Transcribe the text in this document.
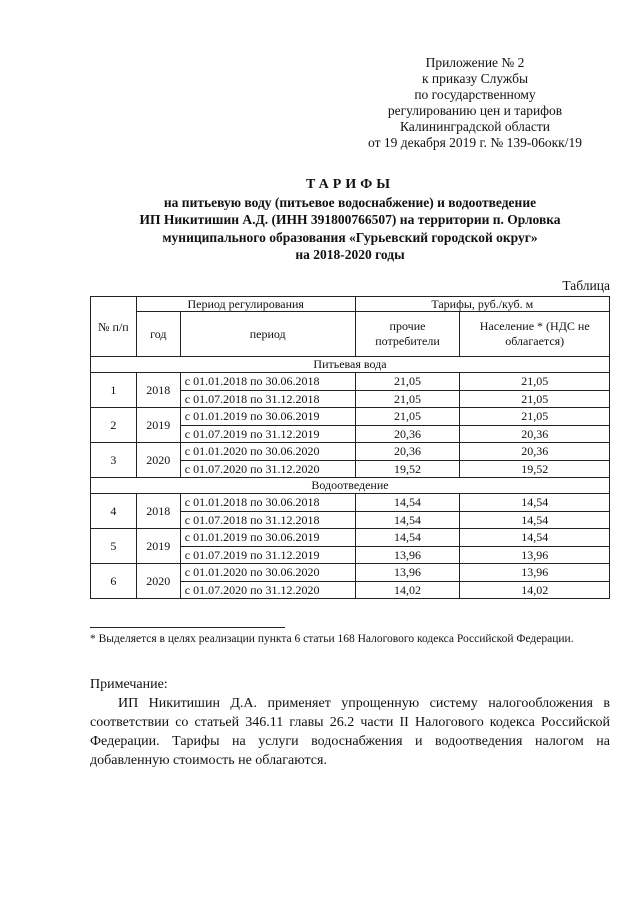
Приложение № 2
к приказу Службы
по государственному
регулированию цен и тарифов
Калининградской области
от 19 декабря 2019 г. № 139-06окк/19
ТАРИФЫ
на питьевую воду (питьевое водоснабжение) и водоотведение
ИП Никитишин А.Д. (ИНН 391800766507) на территории п. Орловка
муниципального образования «Гурьевский городской округ»
на 2018-2020 годы
Таблица
№ п/п	Период регулирования		Тарифы, руб./куб. м	
	год	период	прочие потребители	Население * (НДС не облагается)
Питьевая вода				
1	2018	с 01.01.2018 по 30.06.2018	21,05	21,05
		с 01.07.2018 по 31.12.2018	21,05	21,05
2	2019	с 01.01.2019 по 30.06.2019	21,05	21,05
		с 01.07.2019 по 31.12.2019	20,36	20,36
3	2020	с 01.01.2020 по 30.06.2020	20,36	20,36
		с 01.07.2020 по 31.12.2020	19,52	19,52
Водоотведение				
4	2018	с 01.01.2018 по 30.06.2018	14,54	14,54
		с 01.07.2018 по 31.12.2018	14,54	14,54
5	2019	с 01.01.2019 по 30.06.2019	14,54	14,54
		с 01.07.2019 по 31.12.2019	13,96	13,96
6	2020	с 01.01.2020 по 30.06.2020	13,96	13,96
		с 01.07.2020 по 31.12.2020	14,02	14,02
* Выделяется в целях реализации пункта 6 статьи 168 Налогового кодекса Российской Федерации.
Примечание:
ИП Никитишин Д.А. применяет упрощенную систему налогообложения в соответствии со статьей 346.11 главы 26.2 части II Налогового кодекса Российской Федерации. Тарифы на услуги водоснабжения и водоотведения налогом на добавленную стоимость не облагаются.
